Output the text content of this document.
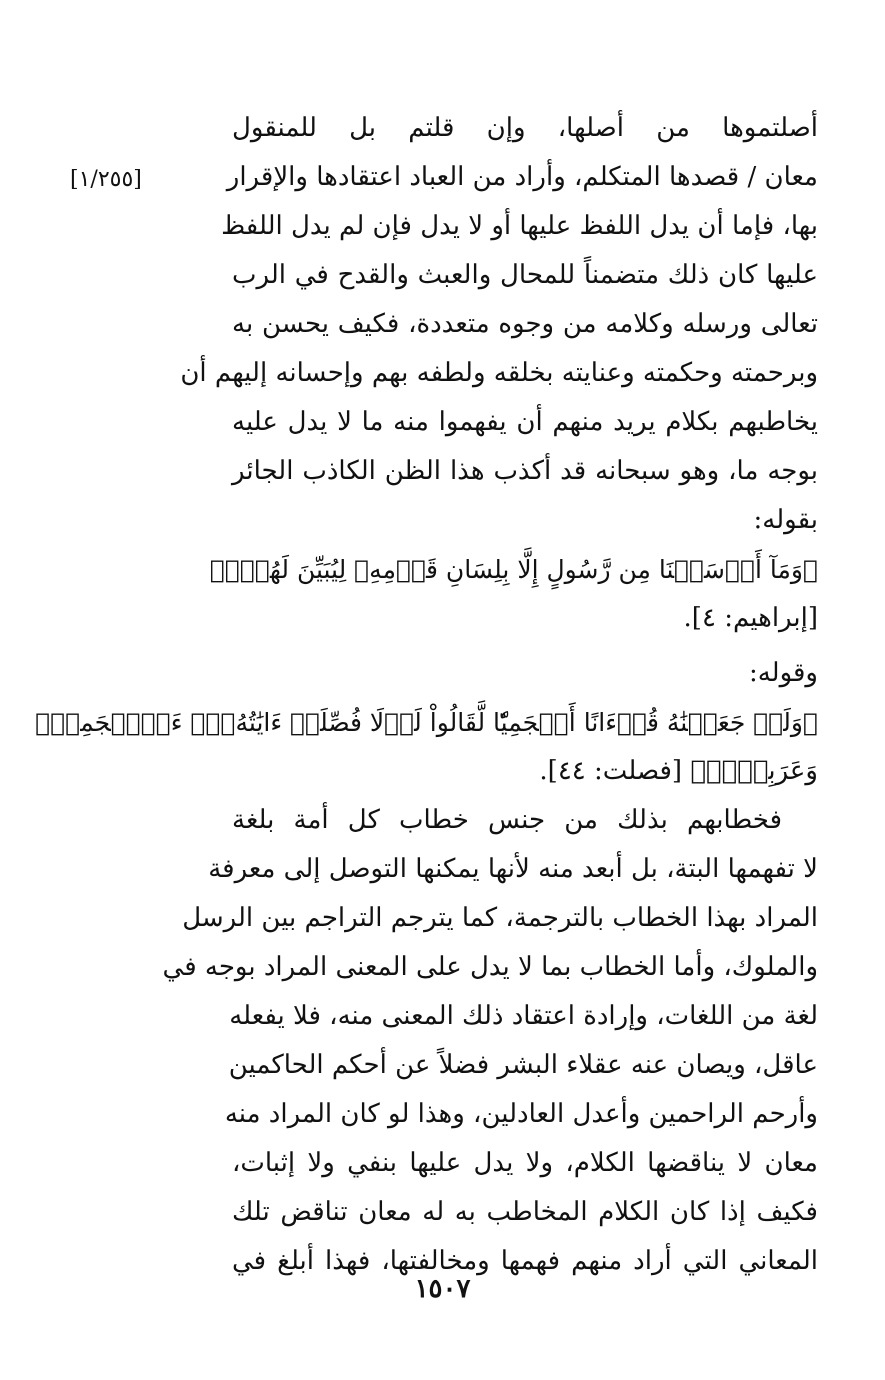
[١/٢٥٥]
أصلتموها من أصلها، وإن قلتم بل للمنقول
معان / قصدها المتكلم، وأراد من العباد اعتقادها والإقرار
بها، فإما أن يدل اللفظ عليها أو لا يدل فإن لم يدل اللفظ
عليها كان ذلك متضمناً للمحال والعبث والقدح في الرب
تعالى ورسله وكلامه من وجوه متعددة، فكيف يحسن به
وبرحمته وحكمته وعنايته بخلقه ولطفه بهم وإحسانه إليهم أن
يخاطبهم بكلام يريد منهم أن يفهموا منه ما لا يدل عليه
بوجه ما، وهو سبحانه قد أكذب هذا الظن الكاذب الجائر
بقوله:
﴿وَمَآ أَرۡسَلۡنَا مِن رَّسُولٍ إِلَّا بِلِسَانِ قَوۡمِهِۦ لِيُبَيِّنَ لَهُمۡۖ﴾
[إبراهيم: ٤].
وقوله:
﴿وَلَوۡ جَعَلۡنَٰهُ قُرۡءَانًا أَعۡجَمِيّٗا لَّقَالُواْ لَوۡلَا فُصِّلَتۡ ءَايَٰتُهُۥٓۖ ءَا۬عۡجَمِيّٞ
وَعَرَبِيّٞۗ﴾ [فصلت: ٤٤].
فخطابهم بذلك من جنس خطاب كل أمة بلغة
لا تفهمها البتة، بل أبعد منه لأنها يمكنها التوصل إلى معرفة
المراد بهذا الخطاب بالترجمة، كما يترجم التراجم بين الرسل
والملوك، وأما الخطاب بما لا يدل على المعنى المراد بوجه في
لغة من اللغات، وإرادة اعتقاد ذلك المعنى منه، فلا يفعله
عاقل، ويصان عنه عقلاء البشر فضلاً عن أحكم الحاكمين
وأرحم الراحمين وأعدل العادلين، وهذا لو كان المراد منه
معان لا يناقضها الكلام، ولا يدل عليها بنفي ولا إثبات،
فكيف إذا كان الكلام المخاطب به له معان تناقض تلك
المعاني التي أراد منهم فهمها ومخالفتها، فهذا أبلغ في
١٥٠٧
